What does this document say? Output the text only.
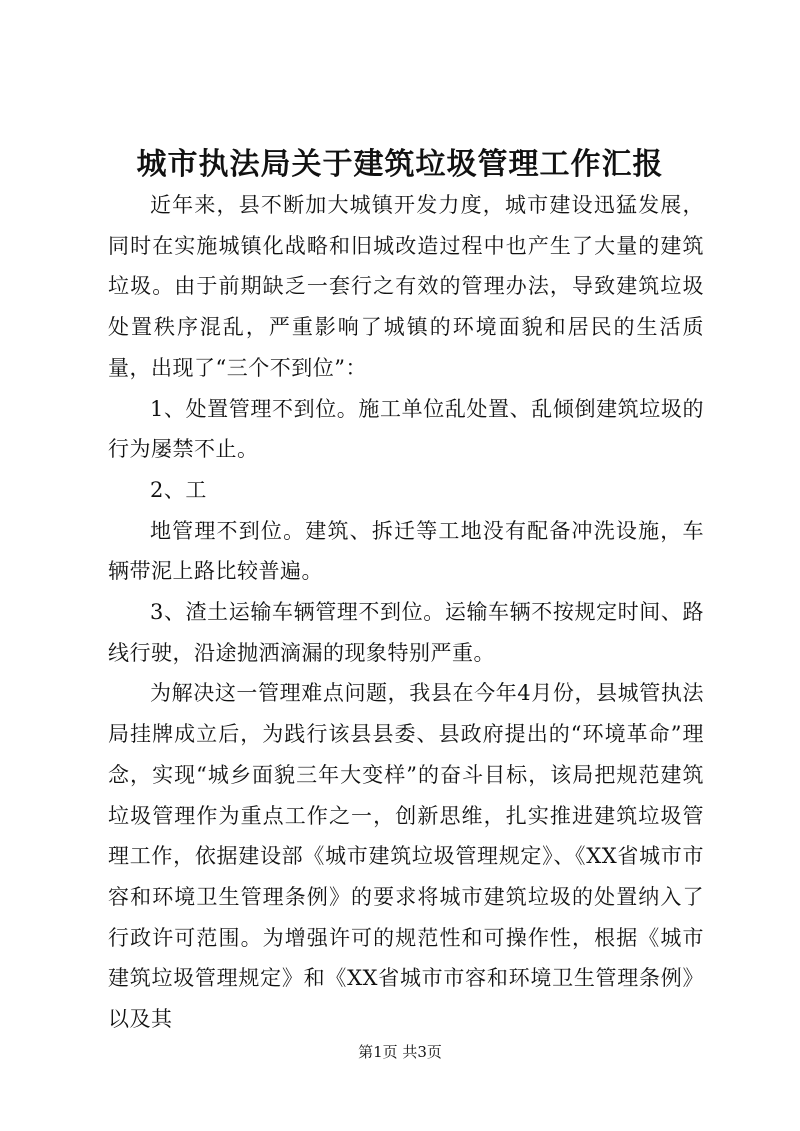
城市执法局关于建筑垃圾管理工作汇报

近年来，县不断加大城镇开发力度，城市建设迅猛发展，同时在实施城镇化战略和旧城改造过程中也产生了大量的建筑垃圾。由于前期缺乏一套行之有效的管理办法，导致建筑垃圾处置秩序混乱，严重影响了城镇的环境面貌和居民的生活质量，出现了“三个不到位”：

1、处置管理不到位。施工单位乱处置、乱倾倒建筑垃圾的行为屡禁不止。

2、工

地管理不到位。建筑、拆迁等工地没有配备冲洗设施，车辆带泥上路比较普遍。

3、渣土运输车辆管理不到位。运输车辆不按规定时间、路线行驶，沿途抛洒滴漏的现象特别严重。

为解决这一管理难点问题，我县在今年4月份，县城管执法局挂牌成立后，为践行该县县委、县政府提出的“环境革命”理念，实现“城乡面貌三年大变样”的奋斗目标，该局把规范建筑垃圾管理作为重点工作之一，创新思维，扎实推进建筑垃圾管理工作，依据建设部《城市建筑垃圾管理规定》、《XX省城市市容和环境卫生管理条例》的要求将城市建筑垃圾的处置纳入了行政许可范围。为增强许可的规范性和可操作性，根据《城市建筑垃圾管理规定》和《XX省城市市容和环境卫生管理条例》以及其

第1页 共3页
